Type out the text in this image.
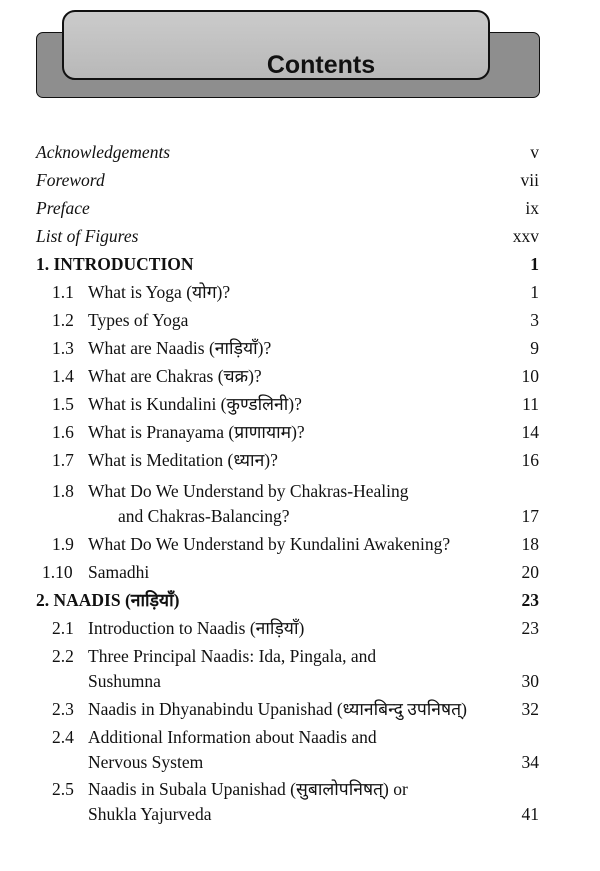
Contents
Acknowledgements	v
Foreword	vii
Preface	ix
List of Figures	xxv
1. INTRODUCTION	1
1.1 What is Yoga (योग)?	1
1.2 Types of Yoga	3
1.3 What are Naadis (नाड़ियाँ)?	9
1.4 What are Chakras (चक्र)?	10
1.5 What is Kundalini (कुण्डलिनी)?	11
1.6 What is Pranayama (प्राणायाम)?	14
1.7 What is Meditation (ध्यान)?	16
1.8 What Do We Understand by Chakras-Healing
and Chakras-Balancing?	17
1.9 What Do We Understand by Kundalini Awakening?	18
1.10 Samadhi	20
2. NAADIS (नाड़ियाँ)	23
2.1 Introduction to Naadis (नाड़ियाँ)	23
2.2 Three Principal Naadis: Ida, Pingala, and
Sushumna	30
2.3 Naadis in Dhyanabindu Upanishad (ध्यानबिन्दु उपनिषत्)	32
2.4 Additional Information about Naadis and
Nervous System	34
2.5 Naadis in Subala Upanishad (सुबालोपनिषत्) or
Shukla Yajurveda	41
